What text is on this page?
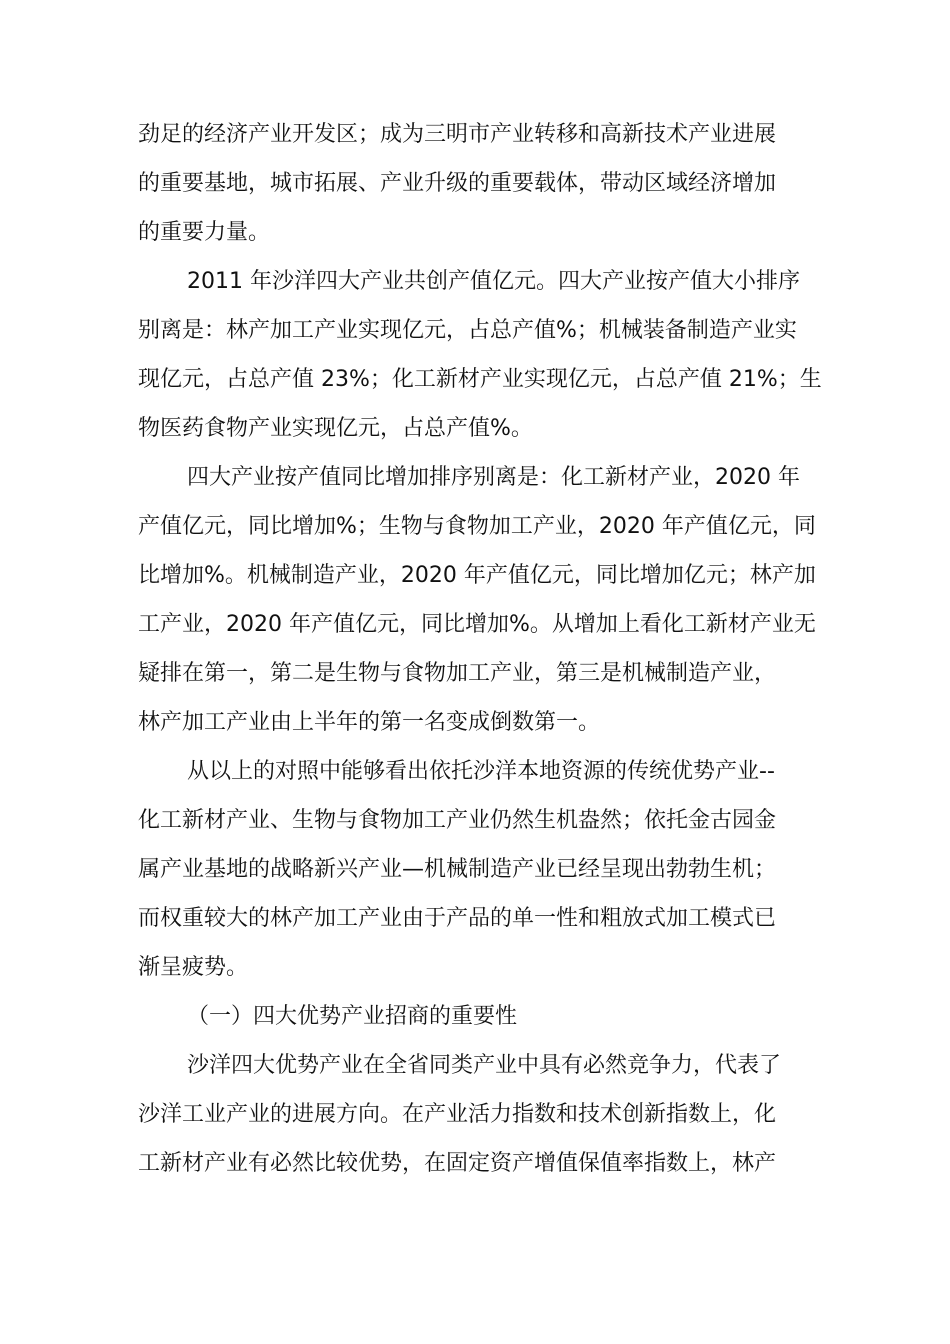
劲足的经济产业开发区；成为三明市产业转移和高新技术产业进展
的重要基地，城市拓展、产业升级的重要载体，带动区域经济增加
的重要力量。
2011 年沙洋四大产业共创产值亿元。四大产业按产值大小排序
别离是：林产加工产业实现亿元，占总产值%；机械装备制造产业实
现亿元，占总产值 23%；化工新材产业实现亿元，占总产值 21%；生
物医药食物产业实现亿元，占总产值%。
四大产业按产值同比增加排序别离是：化工新材产业，2020 年
产值亿元，同比增加%；生物与食物加工产业，2020 年产值亿元，同
比增加%。机械制造产业，2020 年产值亿元，同比增加亿元；林产加
工产业，2020 年产值亿元，同比增加%。从增加上看化工新材产业无
疑排在第一，第二是生物与食物加工产业，第三是机械制造产业，
林产加工产业由上半年的第一名变成倒数第一。
从以上的对照中能够看出依托沙洋本地资源的传统优势产业--
化工新材产业、生物与食物加工产业仍然生机盎然；依托金古园金
属产业基地的战略新兴产业—机械制造产业已经呈现出勃勃生机；
而权重较大的林产加工产业由于产品的单一性和粗放式加工模式已
渐呈疲势。
（一）四大优势产业招商的重要性
沙洋四大优势产业在全省同类产业中具有必然竞争力，代表了
沙洋工业产业的进展方向。在产业活力指数和技术创新指数上，化
工新材产业有必然比较优势，在固定资产增值保值率指数上，林产
